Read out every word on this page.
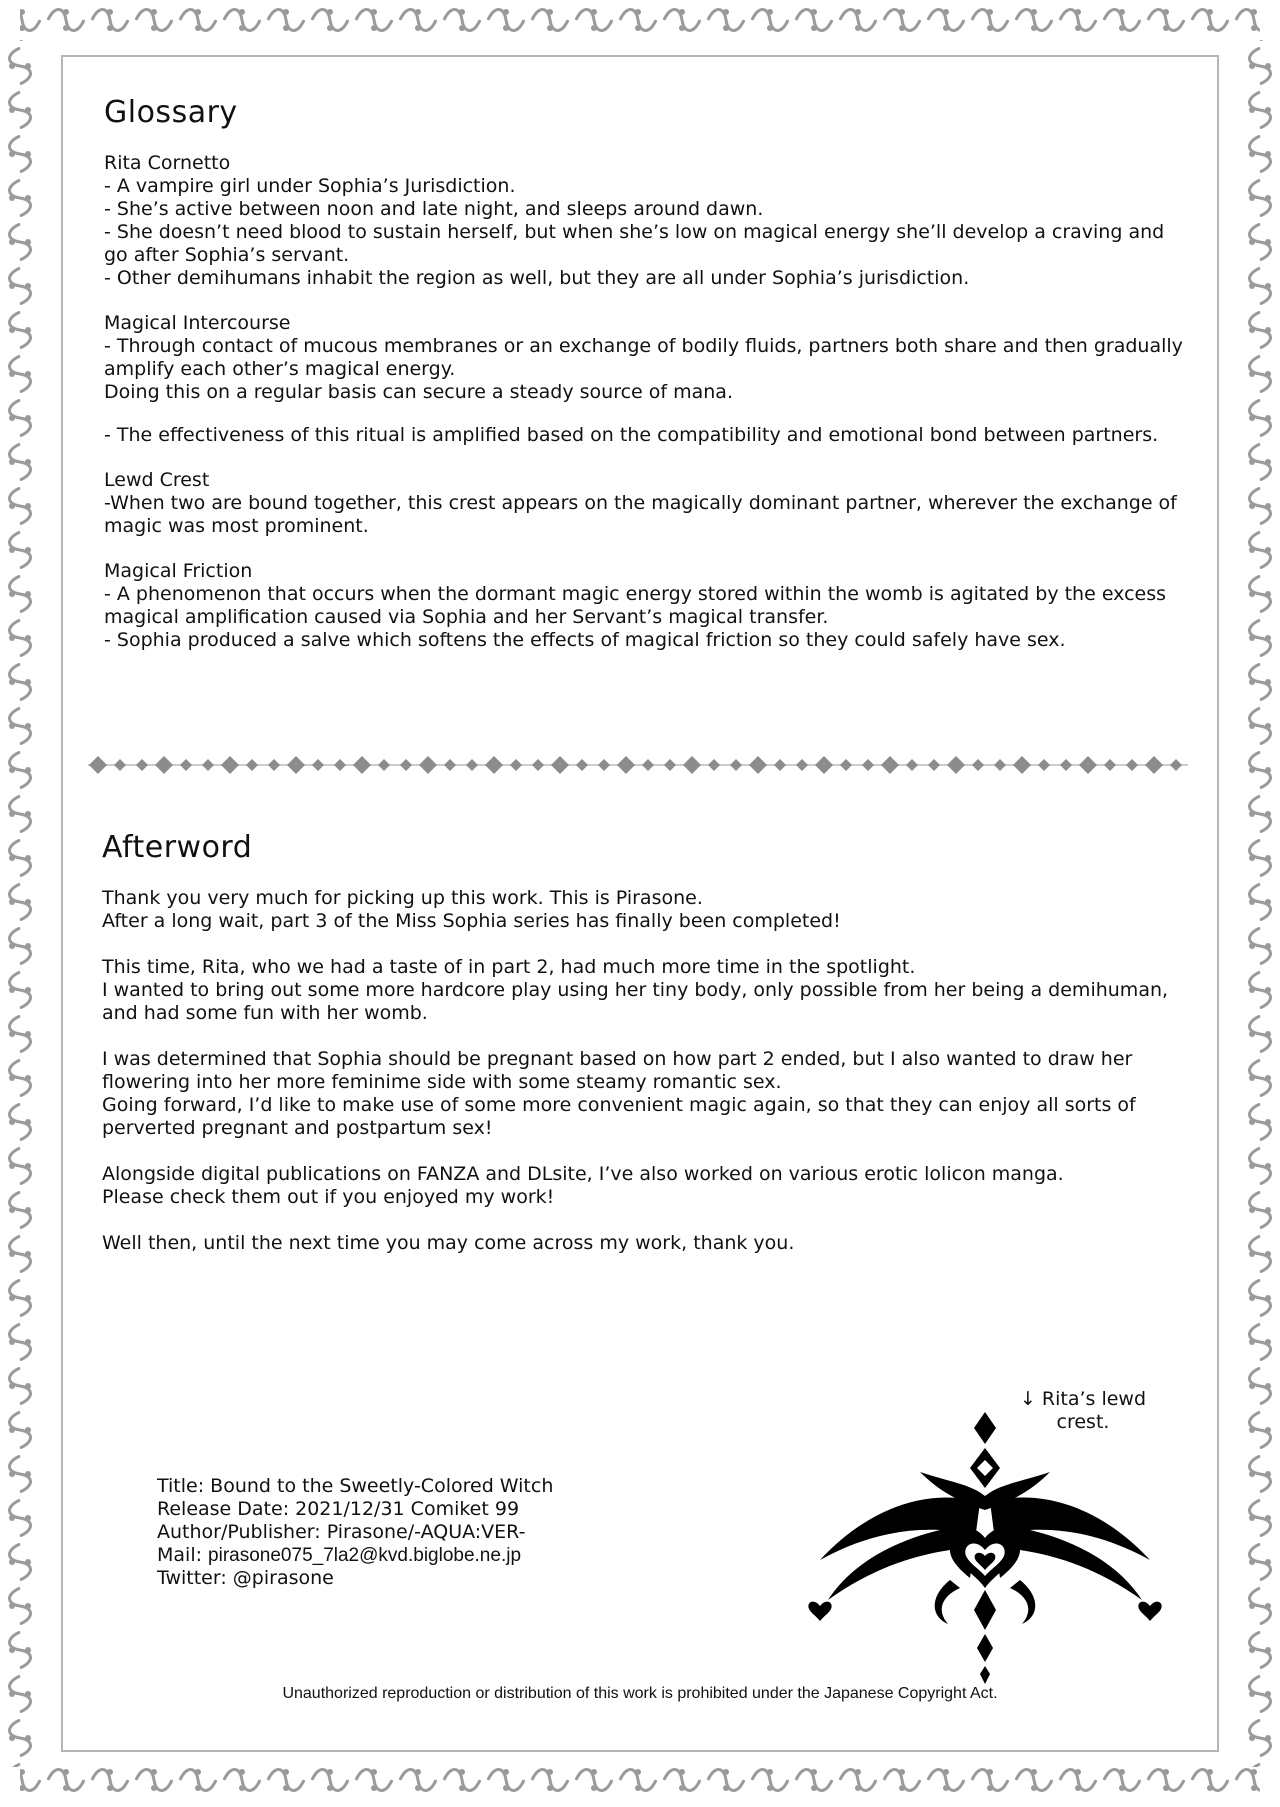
Glossary
Rita Cornetto
- A vampire girl under Sophia’s Jurisdiction.
- She’s active between noon and late night, and sleeps around dawn.
- She doesn’t need blood to sustain herself, but when she’s low on magical energy she’ll develop a craving and go after Sophia’s servant.
- Other demihumans inhabit the region as well, but they are all under Sophia’s jurisdiction.
Magical Intercourse
- Through contact of mucous membranes or an exchange of bodily fluids, partners both share and then gradually amplify each other’s magical energy.
Doing this on a regular basis can secure a steady source of mana.
- The effectiveness of this ritual is amplified based on the compatibility and emotional bond between partners.
Lewd Crest
-When two are bound together, this crest appears on the magically dominant partner, wherever the exchange of magic was most prominent.
Magical Friction
- A phenomenon that occurs when the dormant magic energy stored within the womb is agitated by the excess magical amplification caused via Sophia and her Servant’s magical transfer.
- Sophia produced a salve which softens the effects of magical friction so they could safely have sex.
Afterword
Thank you very much for picking up this work. This is Pirasone.
After a long wait, part 3 of the Miss Sophia series has finally been completed!
This time, Rita, who we had a taste of in part 2, had much more time in the spotlight.
I wanted to bring out some more hardcore play using her tiny body, only possible from her being a demihuman, and had some fun with her womb.
I was determined that Sophia should be pregnant based on how part 2 ended, but I also wanted to draw her flowering into her more feminime side with some steamy romantic sex.
Going forward, I’d like to make use of some more convenient magic again, so that they can enjoy all sorts of perverted pregnant and postpartum sex!
Alongside digital publications on FANZA and DLsite, I’ve also worked on various erotic lolicon manga.
Please check them out if you enjoyed my work!
Well then, until the next time you may come across my work, thank you.
↓ Rita’s lewd
crest.
Title: Bound to the Sweetly-Colored Witch
Release Date: 2021/12/31 Comiket 99
Author/Publisher: Pirasone/-AQUA:VER-
Mail: pirasone075_7la2@kvd.biglobe.ne.jp
Twitter: @pirasone
Unauthorized reproduction or distribution of this work is prohibited under the Japanese Copyright Act.
